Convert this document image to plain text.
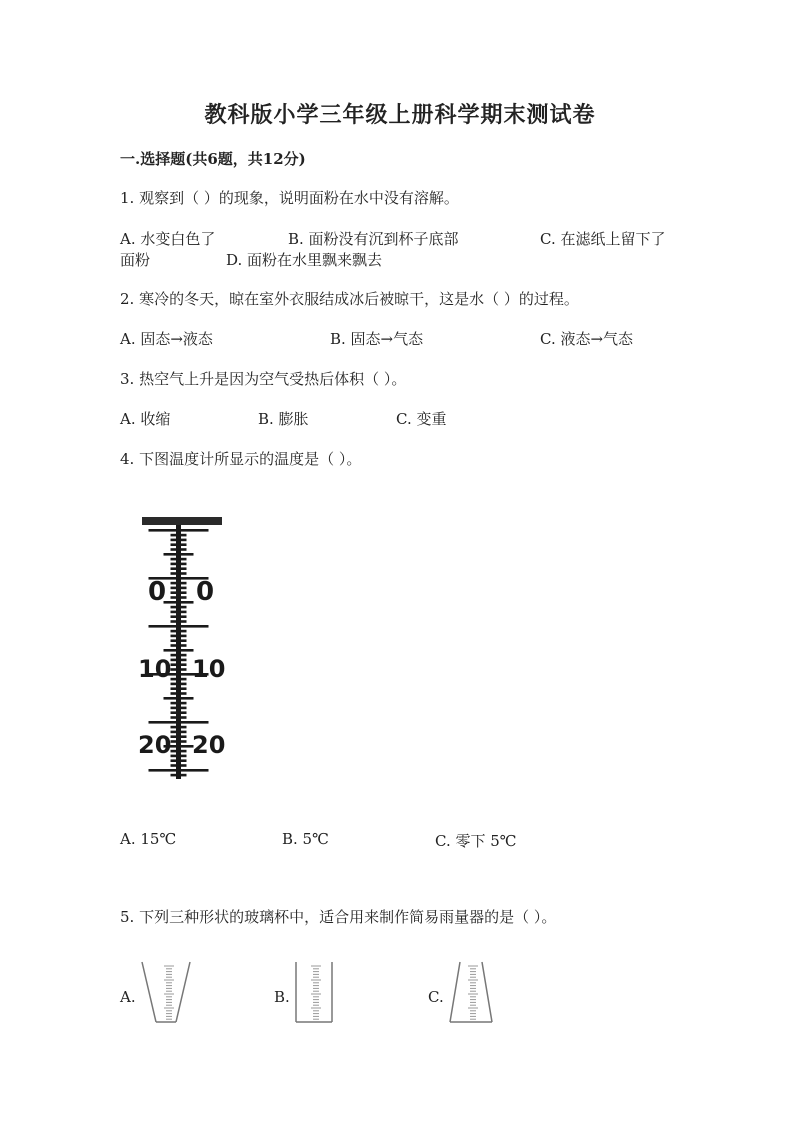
教科版小学三年级上册科学期末测试卷
一.选择题(共6题，共12分)
1. 观察到（ ）的现象，说明面粉在水中没有溶解。
A. 水变白色了	B. 面粉没有沉到杯子底部	C. 在滤纸上留下了
面粉	D. 面粉在水里飘来飘去
2. 寒冷的冬天，晾在室外衣服结成冰后被晾干，这是水（ ）的过程。
A. 固态→液态	B. 固态→气态	C. 液态→气态
3. 热空气上升是因为空气受热后体积（ ）。
A. 收缩	B. 膨胀	C. 变重
4. 下图温度计所显示的温度是（ ）。
0 0
10 10
20 20
A. 15℃	B. 5℃	C. 零下 5℃
5. 下列三种形状的玻璃杯中，适合用来制作简易雨量器的是（ ）。
A.	B.	C.
